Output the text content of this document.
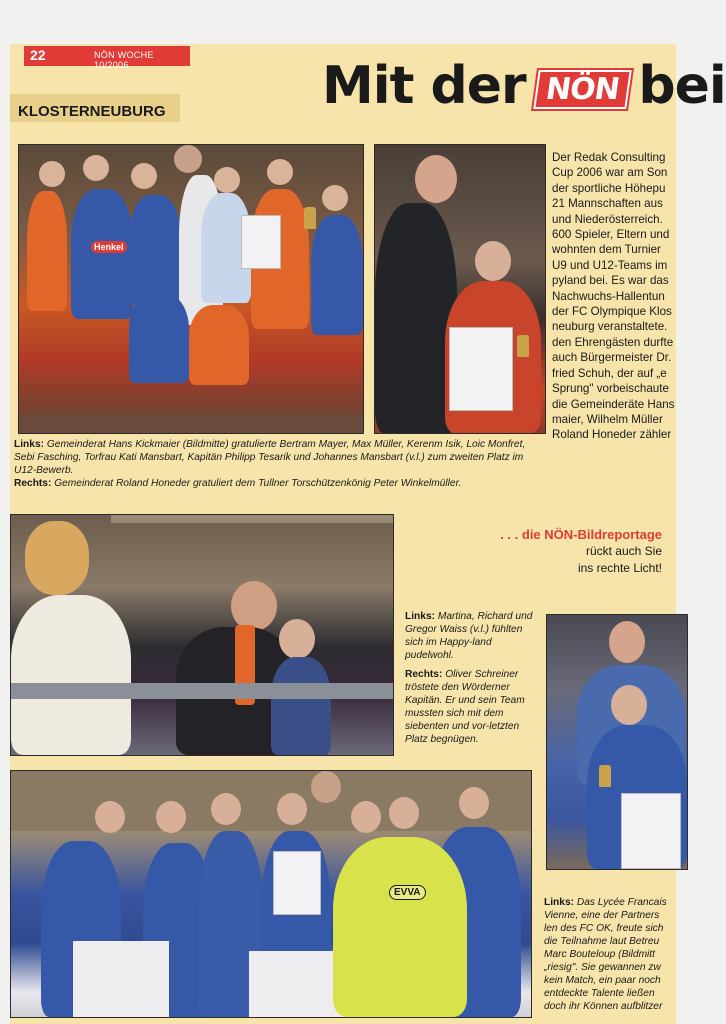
22	NÖN WOCHE 10/2006	Mit der NÖN bei
KLOSTERNEUBURG
Henkel
Der Redak Consulting
Cup 2006 war am Son
der sportliche Höhepu
21 Mannschaften aus
und Niederösterreich.
600 Spieler, Eltern und
wohnten dem Turnier
U9 und U12-Teams im
pyland bei. Es war das
Nachwuchs-Hallentun
der FC Olympique Klos
neuburg veranstaltete.
den Ehrengästen durfte
auch Bürgermeister Dr.
fried Schuh, der auf „e
Sprung" vorbeischaute
die Gemeinderäte Hans
maier, Wilhelm Müller
Roland Honeder zähler
Links: Gemeinderat Hans Kickmaier (Bildmitte) gratulierte Bertram Mayer, Max Müller, Kerenm Isik, Loic Monfret, Sebi Fasching, Torfrau Kati Mansbart, Kapitän Philipp Tesarik und Johannes Mansbart (v.l.) zum zweiten Platz im U12-Bewerb.
Rechts: Gemeinderat Roland Honeder gratuliert dem Tullner Torschützenkönig Peter Winkelmüller.
. . . die NÖN-Bildreportage
rückt auch Sie
ins rechte Licht!
Links: Martina, Richard und Gregor Waiss (v.l.) fühlten sich im Happy-land pudelwohl.
Rechts: Oliver Schreiner tröstete den Wörderner Kapitän. Er und sein Team mussten sich mit dem siebenten und vor-letzten Platz begnügen.
EVVA
Links: Das Lycée Francais
Vienne, eine der Partners
len des FC OK, freute sich
die Teilnahme laut Betreu
Marc Bouteloup (Bildmitt
„riesig". Sie gewannen zw
kein Match, ein paar noch
entdeckte Talente ließen
doch ihr Können aufblitzer
